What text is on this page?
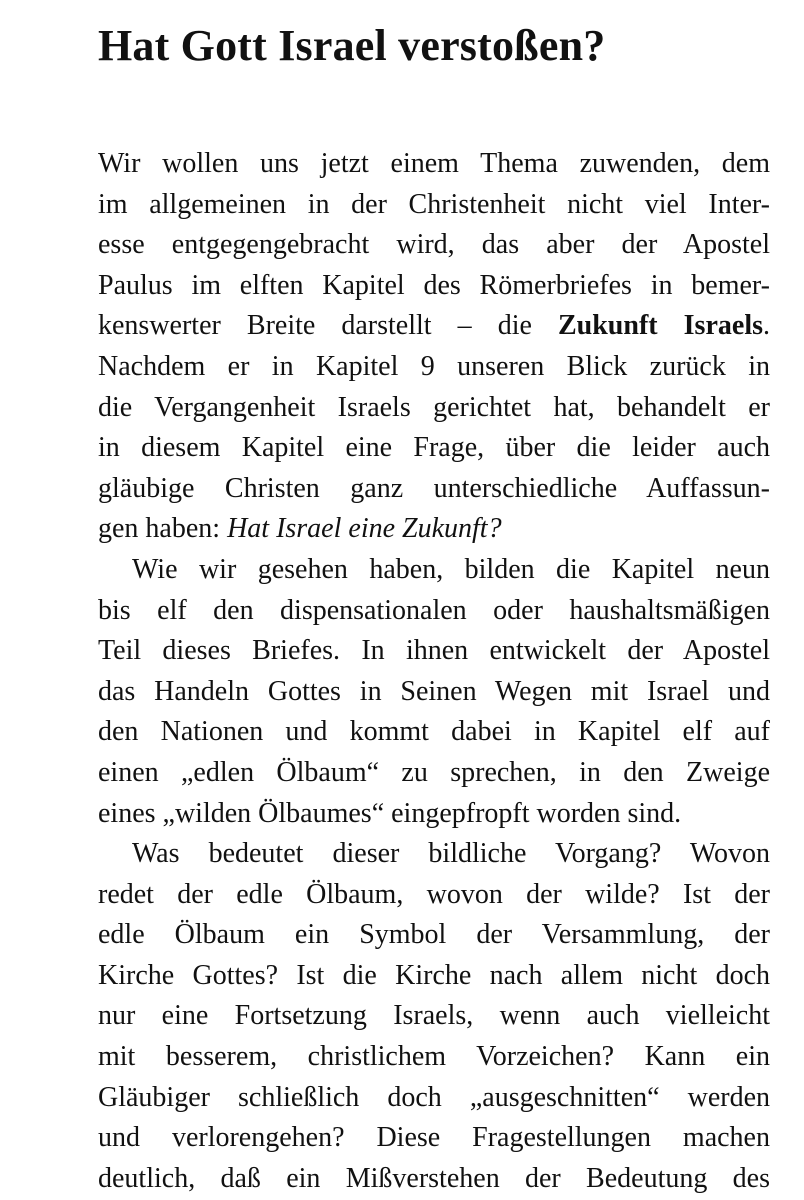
Hat Gott Israel verstoßen?
Wir wollen uns jetzt einem Thema zuwenden, dem
im allgemeinen in der Christenheit nicht viel Inter-
esse entgegengebracht wird, das aber der Apostel
Paulus im elften Kapitel des Römerbriefes in bemer-
kenswerter Breite darstellt – die Zukunft Israels.
Nachdem er in Kapitel 9 unseren Blick zurück in
die Vergangenheit Israels gerichtet hat, behandelt er
in diesem Kapitel eine Frage, über die leider auch
gläubige Christen ganz unterschiedliche Auffassun-
gen haben: Hat Israel eine Zukunft?
Wie wir gesehen haben, bilden die Kapitel neun
bis elf den dispensationalen oder haushaltsmäßigen
Teil dieses Briefes. In ihnen entwickelt der Apostel
das Handeln Gottes in Seinen Wegen mit Israel und
den Nationen und kommt dabei in Kapitel elf auf
einen „edlen Ölbaum“ zu sprechen, in den Zweige
eines „wilden Ölbaumes“ eingepfropft worden sind.
Was bedeutet dieser bildliche Vorgang? Wovon
redet der edle Ölbaum, wovon der wilde? Ist der
edle Ölbaum ein Symbol der Versammlung, der
Kirche Gottes? Ist die Kirche nach allem nicht doch
nur eine Fortsetzung Israels, wenn auch vielleicht
mit besserem, christlichem Vorzeichen? Kann ein
Gläubiger schließlich doch „ausgeschnitten“ werden
und verlorengehen? Diese Fragestellungen machen
deutlich, daß ein Mißverstehen der Bedeutung des
